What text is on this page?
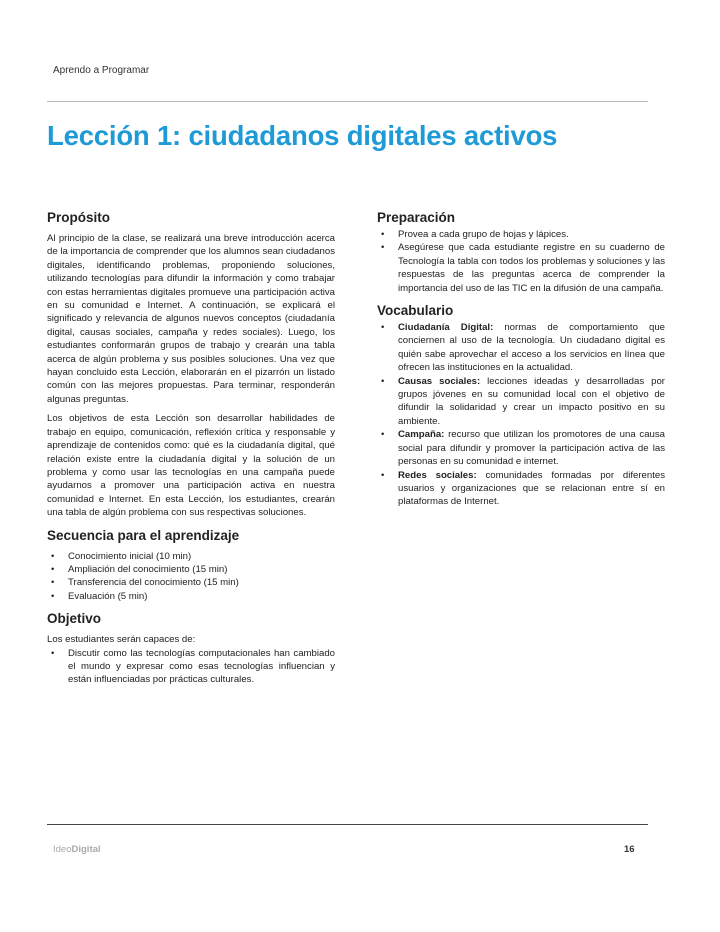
Aprendo a Programar
Lección 1: ciudadanos digitales activos
Propósito

Al principio de la clase, se realizará una breve introducción acerca de la importancia de comprender que los alumnos sean ciudadanos digitales, identificando problemas, proponiendo soluciones, utilizando tecnologías para difundir la información y como trabajar con estas herramientas digitales promueve una participación activa en su comunidad e Internet. A continuación, se explicará el significado y relevancia de algunos nuevos conceptos (ciudadanía digital, causas sociales, campaña y redes sociales). Luego, los estudiantes conformarán grupos de trabajo y crearán una tabla acerca de algún problema y sus posibles soluciones. Una vez que hayan concluido esta Lección, elaborarán en el pizarrón un listado común con las mejores propuestas. Para terminar, responderán algunas preguntas.

Los objetivos de esta Lección son desarrollar habilidades de trabajo en equipo, comunicación, reflexión crítica y responsable y aprendizaje de contenidos como: qué es la ciudadanía digital, qué relación existe entre la ciudadanía digital y la solución de un problema y como usar las tecnologías en una campaña puede ayudarnos a promover una participación activa en nuestra comunidad e Internet. En esta Lección, los estudiantes, crearán una tabla de algún problema con sus respectivas soluciones.

Secuencia para el aprendizaje
• Conocimiento inicial (10 min)
• Ampliación del conocimiento (15 min)
• Transferencia del conocimiento (15 min)
• Evaluación (5 min)
Objetivo

Los estudiantes serán capaces de:

• Discutir como las tecnologías computacionales han cambiado el mundo y expresar como esas tecnologías influencian y están influenciadas por prácticas culturales.
Preparación
• Provea a cada grupo de hojas y lápices.
• Asegúrese que cada estudiante registre en su cuaderno de Tecnología la tabla con todos los problemas y soluciones y las respuestas de las preguntas acerca de comprender la importancia del uso de las TIC en la difusión de una campaña.
Vocabulario
• Ciudadanía Digital: normas de comportamiento que conciernen al uso de la tecnología. Un ciudadano digital es quién sabe aprovechar el acceso a los servicios en línea que ofrecen las instituciones en la actualidad.
• Causas sociales: lecciones ideadas y desarrolladas por grupos jóvenes en su comunidad local con el objetivo de difundir la solidaridad y crear un impacto positivo en su ambiente.
• Campaña: recurso que utilizan los promotores de una causa social para difundir y promover la participación activa de las personas en su comunidad e internet.
• Redes sociales: comunidades formadas por diferentes usuarios y organizaciones que se relacionan entre sí en plataformas de Internet.
IdeoDigital	16
